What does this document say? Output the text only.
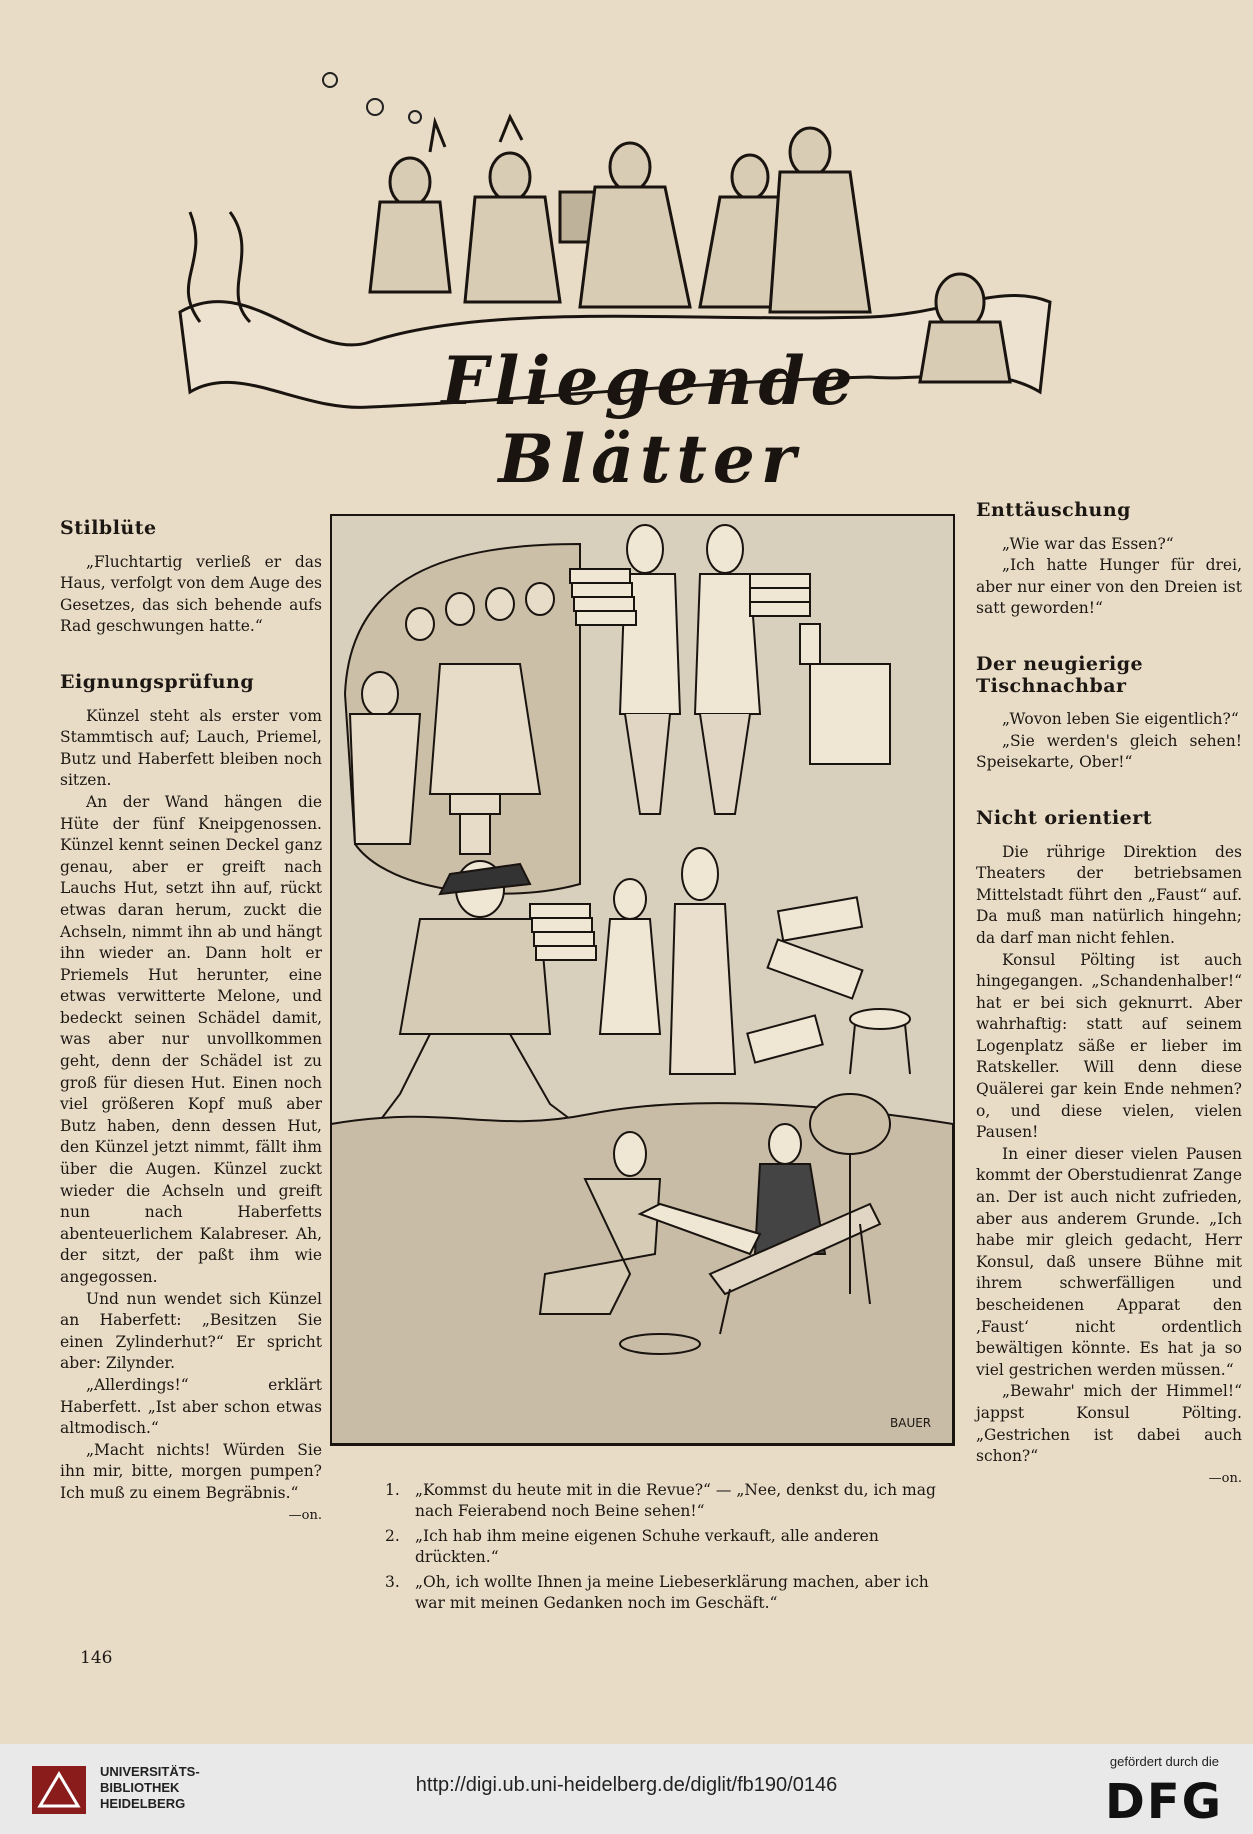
Fliegende Blätter
Stilblüte

„Fluchtartig verließ er das Haus, verfolgt von dem Auge des Gesetzes, das sich behende aufs Rad geschwungen hatte.“

Eignungsprüfung

Künzel steht als erster vom Stammtisch auf; Lauch, Priemel, Butz und Haberfett bleiben noch sitzen.

An der Wand hängen die Hüte der fünf Kneipgenossen. Künzel kennt seinen Deckel ganz genau, aber er greift nach Lauchs Hut, setzt ihn auf, rückt etwas daran herum, zuckt die Achseln, nimmt ihn ab und hängt ihn wieder an. Dann holt er Priemels Hut herunter, eine etwas verwitterte Melone, und bedeckt seinen Schädel damit, was aber nur unvollkommen geht, denn der Schädel ist zu groß für diesen Hut. Einen noch viel größeren Kopf muß aber Butz haben, denn dessen Hut, den Künzel jetzt nimmt, fällt ihm über die Augen. Künzel zuckt wieder die Achseln und greift nun nach Haberfetts abenteuerlichem Kalabreser. Ah, der sitzt, der paßt ihm wie angegossen.

Und nun wendet sich Künzel an Haberfett: „Besitzen Sie einen Zylinderhut?“ Er spricht aber: Zilynder.

„Allerdings!“ erklärt Haberfett. „Ist aber schon etwas altmodisch.“

„Macht nichts! Würden Sie ihn mir, bitte, morgen pumpen? Ich muß zu einem Begräbnis.“

—on.
BAUER
1. „Kommst du heute mit in die Revue?“ — „Nee, denkst du, ich mag nach Feierabend noch Beine sehen!“
2. „Ich hab ihm meine eigenen Schuhe verkauft, alle anderen drückten.“
3. „Oh, ich wollte Ihnen ja meine Liebeserklärung machen, aber ich war mit meinen Gedanken noch im Geschäft.“
Enttäuschung

„Wie war das Essen?“

„Ich hatte Hunger für drei, aber nur einer von den Dreien ist satt geworden!“

Der neugierige Tischnachbar

„Wovon leben Sie eigentlich?“

„Sie werden's gleich sehen! Speisekarte, Ober!“

Nicht orientiert

Die rührige Direktion des Theaters der betriebsamen Mittelstadt führt den „Faust“ auf. Da muß man natürlich hingehn; da darf man nicht fehlen.

Konsul Pölting ist auch hingegangen. „Schandenhalber!“ hat er bei sich geknurrt. Aber wahrhaftig: statt auf seinem Logenplatz säße er lieber im Ratskeller. Will denn diese Quälerei gar kein Ende nehmen? o, und diese vielen, vielen Pausen!

In einer dieser vielen Pausen kommt der Oberstudienrat Zange an. Der ist auch nicht zufrieden, aber aus anderem Grunde. „Ich habe mir gleich gedacht, Herr Konsul, daß unsere Bühne mit ihrem schwerfälligen und bescheidenen Apparat den ‚Faust‘ nicht ordentlich bewältigen könnte. Es hat ja so viel gestrichen werden müssen.“

„Bewahr' mich der Himmel!“ jappst Konsul Pölting. „Gestrichen ist dabei auch schon?“

—on.
146
UNIVERSITÄTS-
BIBLIOTHEK
HEIDELBERG
http://digi.ub.uni-heidelberg.de/diglit/fb190/0146
gefördert durch die
DFG
